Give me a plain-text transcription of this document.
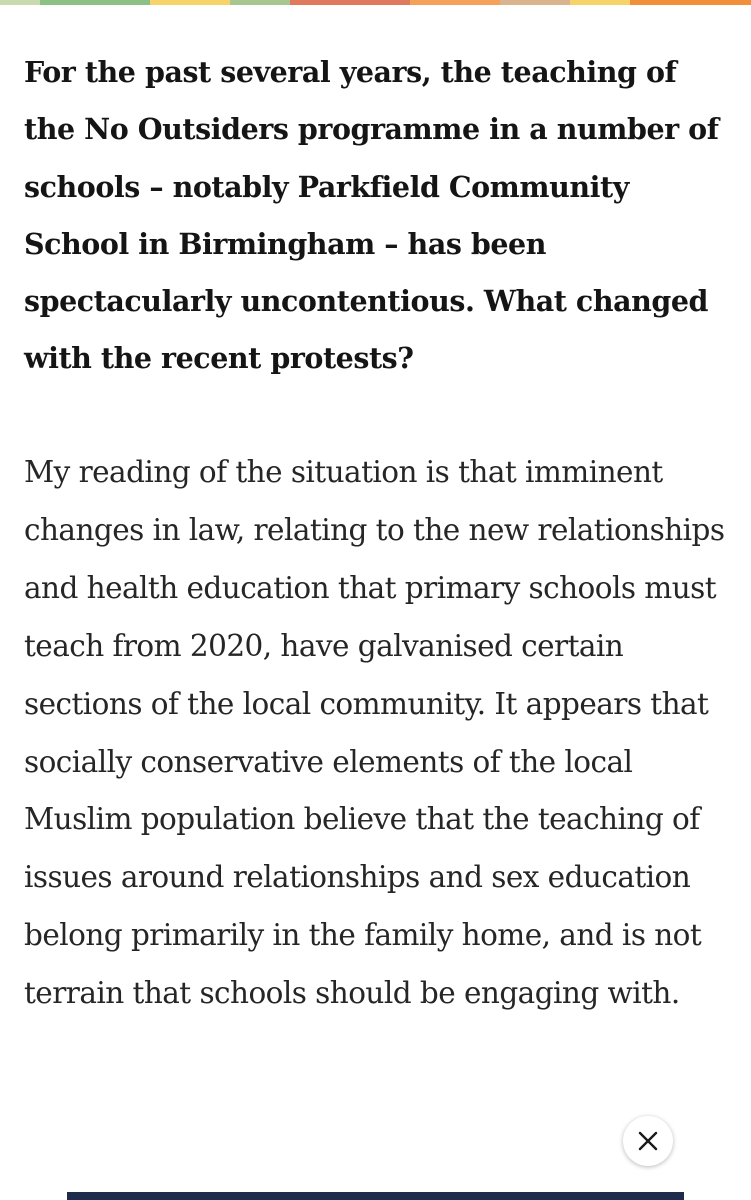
For the past several years, the teaching of the No Outsiders programme in a number of schools – notably Parkfield Community School in Birmingham – has been spectacularly uncontentious. What changed with the recent protests?

My reading of the situation is that imminent changes in law, relating to the new relationships and health education that primary schools must teach from 2020, have galvanised certain sections of the local community. It appears that socially conservative elements of the local Muslim population believe that the teaching of issues around relationships and sex education belong primarily in the family home, and is not terrain that schools should be engaging with.
